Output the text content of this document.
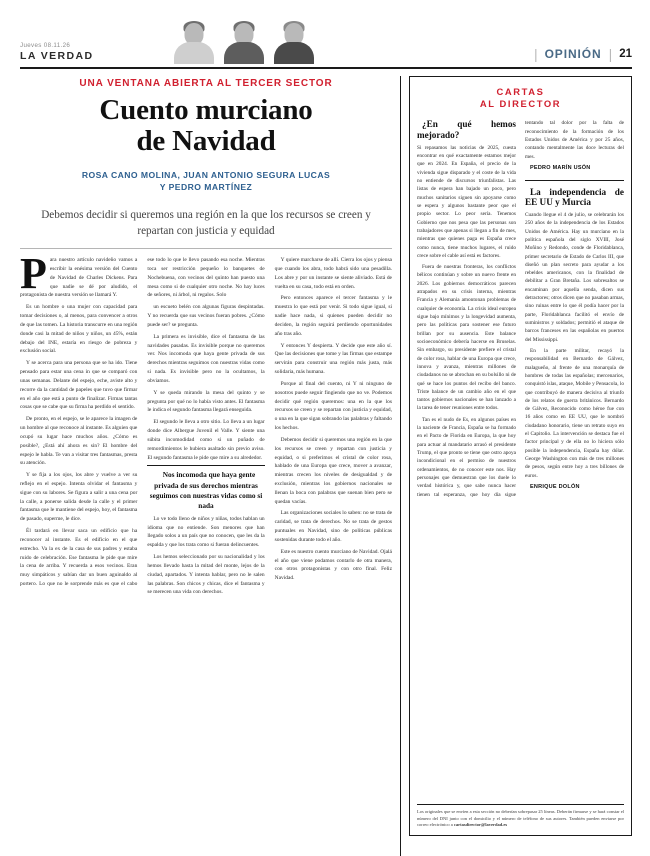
Jueves 08.11.26
LA VERDAD	| OPINIÓN | 21
UNA VENTANA ABIERTA AL TERCER SECTOR
Cuento murciano
de Navidad
ROSA CANO MOLINA, JUAN ANTONIO SEGURA LUCAS
Y PEDRO MARTÍNEZ
Debemos decidir si queremos una región en la que los recursos se creen y repartan con justicia y equidad

Para nuestro artículo navideño vamos a escribir la enésima versión del Cuento de Navidad de Charles Dickens. Para que nadie se dé por aludido, el protagonista de nuestra versión se llamará Y.

Es un hombre o una mujer con capacidad para tomar decisiones o, al menos, para convencer a otros de que las tomen. La historia transcurre en una región donde casi la mitad de niños y niños, un 45%, están debajo del INE, estaría en riesgo de pobreza y exclusión social.

Y se acerca para una persona que se ha ido. Tiene pensado para estar una cena in que se comparó con unas semanas. Delante del espejo, eche, aviste alto y recorre da la cantidad de papeles que tuvo que firmar en el año que está a punto de finalizar. Firmas tantas cosas que se cabe que su firma ha perdido el sentido.

De pronto, en el espejo, se le aparece la imagen de un hombre al que reconoce al instante. Es alguien que ocupó su lugar hace muchos años. ¿Cómo es posible?, ¿Está ahí ahora es sin? El hombre del espejo le habla. Te van a visitar tres fantasmas, presta su atención.

Y se fija a los ojos, los abre y vuelve a ver su reflejo en el espejo. Intenta olvidar el fantasma y sigue con su labores. Se figura a salir a una cena por la calle, a ponerse salida desde la calle y el primer fantasma que le mantiene del espejo, hoy, el fantasma de pasado, superme, le dice.

Él tardará en llevar saca un edificio que ha reconocer al instante. Es el edificio en el que estrecho. Va la ex de la casa de sus padres y estaba ruido de celebración. Ese fantasma le pide que mire la cena de arriba. Y recuerda a esos vecinos. Eran muy simpáticos y sabían dar un buen aguinaldo al portero. Lo que no le sorprende más es que el cabo ese todo lo que le llevo pasando esa noche. Mientras toca ser restricción pequeño lo banquetes de Nochebuena, con vecinos del quinto han puesto una mesa como si de cualquier otro noche. No hay luces de señores, ni árbol, ni regalos. Solo

un escueto belén con algunas figuras despintadas. Y no recuerda que sus vecinos fueran pobres. ¿Cómo puede ser? se pregunta.

La primera es invisible, dice el fantasma de las navidades pasadas. Es invisible porque no queremos ver. Nos incomoda que haya gente privada de sus derechos mientras seguimos con nuestras vidas como si nada. Es invisible pero no la ocultamos, la obviamos.

Y se queda mirando la mesa del quinto y se pregunta por qué no lo había visto antes. El fantasma le indica el segundo fantasma llegará enseguida.

El segundo le lleva a otro sitio. Lo lleva a un lugar donde dice Albergue Juvenil el Valle. Y siente una súbita incomodidad como si un puñado de remordimientos le hubiera asaltado sin previo aviso. El segundo fantasma le pide que mire a su alrededor.

Nos incomoda que haya gente privada de sus derechos mientras seguimos con nuestras vidas como si nada

Lo ve todo lleno de niños y niñas, todos hablan un idioma que no entiende. Son menores que han llegado solos a un país que no conocen, que les da la espalda y que los trata como si fueran delincuentes.

Los hemos seleccionado por su nacionalidad y los hemos llevado hasta la mitad del monte, lejos de la ciudad, apartados. Y intenta hablar, pero no le salen las palabras. Son chicos y chicas, dice el fantasma y se merecen una vida con derechos.

Y quiere marcharse de allí. Cierra los ojos y piensa que cuando los abra, todo habrá sido una pesadilla. Los abre y por un instante se siente aliviado. Está de vuelta en su casa, todo está en orden.

Pero entonces aparece el tercer fantasma y le muestra lo que está por venir. Si todo sigue igual, si nadie hace nada, si quienes pueden decidir no deciden, la región seguirá perdiendo oportunidades año tras año.

Y entonces Y despierta. Y decide que este año sí. Que las decisiones que tome y las firmas que estampe servirán para construir una región más justa, más solidaria, más humana.

Porque al final del cuento, ni Y ni ninguno de nosotros puede seguir fingiendo que no ve. Podemos decidir qué región queremos: una en la que los recursos se creen y se repartan con justicia y equidad, o una en la que sigan sobrando las palabras y faltando los hechos.

Debemos decidir si queremos una región en la que los recursos se creen y repartan con justicia y equidad, o si preferimos el cristal de color rosa, hablado de una Europa que crece, mover a avanzar, mientras crecen los niveles de desigualdad y de exclusión, mientras los gobiernos nacionales se llenan la boca con palabras que suenan bien pero se quedan vacías.

Las organizaciones sociales lo saben: no se trata de caridad, se trata de derechos. No se trata de gestos puntuales en Navidad, sino de políticas públicas sostenidas durante todo el año.

Este es nuestro cuento murciano de Navidad. Ojalá el año que viene podamos contarlo de otra manera, con otros protagonistas y con otro final. Feliz Navidad.

CARTAS
AL DIRECTOR

¿En qué hemos mejorado?

Si repasamos las noticias de 2025, cuesta encontrar en qué exactamente estamos mejor que en 2024. En España, el precio de la vivienda sigue disparado y el coste de la vida no entiende de discursos triunfalistas. Las listas de espera han bajado un poco, pero muchos sanitarios siguen sin apoyarse como se espera y algunos bastante peor que el propio sector. Lo peor sería. Tenemos Gobierno que nos pesa que las personas son trabajadores que apenas si llegan a fin de mes, mientras que quienes paga es España crece como nunca, tiene muchos lugares, el ruido crece sobre el cable así está es factores.

Fuera de nuestras fronteras, los conflictos bélicos continúan y sobre un nuevo frente en 2026. Los gobiernos democráticos parecen atrapados en su crisis interna, mientras Francia y Alemania amontonan problemas de cualquier de economía. La crisis ideal europea sigue bajo mínimos y la longevidad aumenta, pero las políticas para sostener ese futuro brillan por su ausencia. Este balance socioeconómico debería hacerse en Bruselas. Sin embargo, su presidente prefiere el cristal de color rosa, hablar de una Europa que crece, innova y avanza, mientras millones de ciudadanos no se abrochan en su bolsillo ni de qué se hace los puntos del recibo del banco. Triste balance de un cambio año en el que tantos gobiernos nacionales se han lanzado a la tarea de tener reuniones entre todos.

Tan es el nudo de Es, en algunos países en la naciente de Francia, España se ha formado en el Pacto de Florida en Europa, la que hoy para actuar al mandatario arrasó el presidente Trump, el que pronto se tiene que ostro apoya incondicional en el permiso de nuestros ordenamientos, de no conocer este nos. Hay personajes que demuestran que los duele lo verdad histórica y, que sabe nunca hacer tienen tal esperanza, que hoy día sigue tentando tal dolor por la falta de reconocimiento de la formación de los Estados Unidos de América y por 25 años, contando mentalmente las doce lecturas del mes.

PEDRO MARÍN USÓN

La independencia de EE UU y Murcia

Cuando llegue el 4 de julio, se celebrarán los 250 años de la independencia de los Estados Unidos de América. Hay un murciano en la política española del siglo XVIII, José Moñino y Redondo, conde de Floridablanca, primer secretario de Estado de Carlos III, que diseñó un plan secreto para ayudar a los rebeldes americanos, con la finalidad de debilitar a Gran Bretaña. Los sobresaltos se encaminan por aquella senda, dicen sus detractores; otros dicen que no pasaban armas, sino ruinas entre lo que él podía hacer por la parte, Floridablanca facilitó el envío de suministros y soldados; permitió el ataque de barcos franceses en las españolas en puertos del Mississippi.

En la parte militar, recayó la responsabilidad en Bernardo de Gálvez, malagueño, al frente de una monarquía de hombres de todas las españolas; mercenarios, conquistó islas, ataque, Mobile y Pensacola, lo que contribuyó de manera decisiva al triunfo de los relatos de guerra británicos. Bernardo de Gálvez, Reconocido como héroe fue con 16 años como en EE UU, que le nombró ciudadano honorario, tiene un retrato suyo en el Capitolio. La intervención se destaca fue el factor principal y de ella no lo hiciera sólo posible la independencia, España hay dólar. George Washington con más de tres millones de pesos, según entre hoy a tres billones de euros.

ENRIQUE DOLÓN

Los originales que se envíen a esta sección no deberían sobrepasar 25 líneas. Deberán firmarse y se hará constar el número del DNI junto con el domicilio y el número de teléfono de sus autores. También pueden enviarse por correo electrónico a cartasdirector@laverdad.es
